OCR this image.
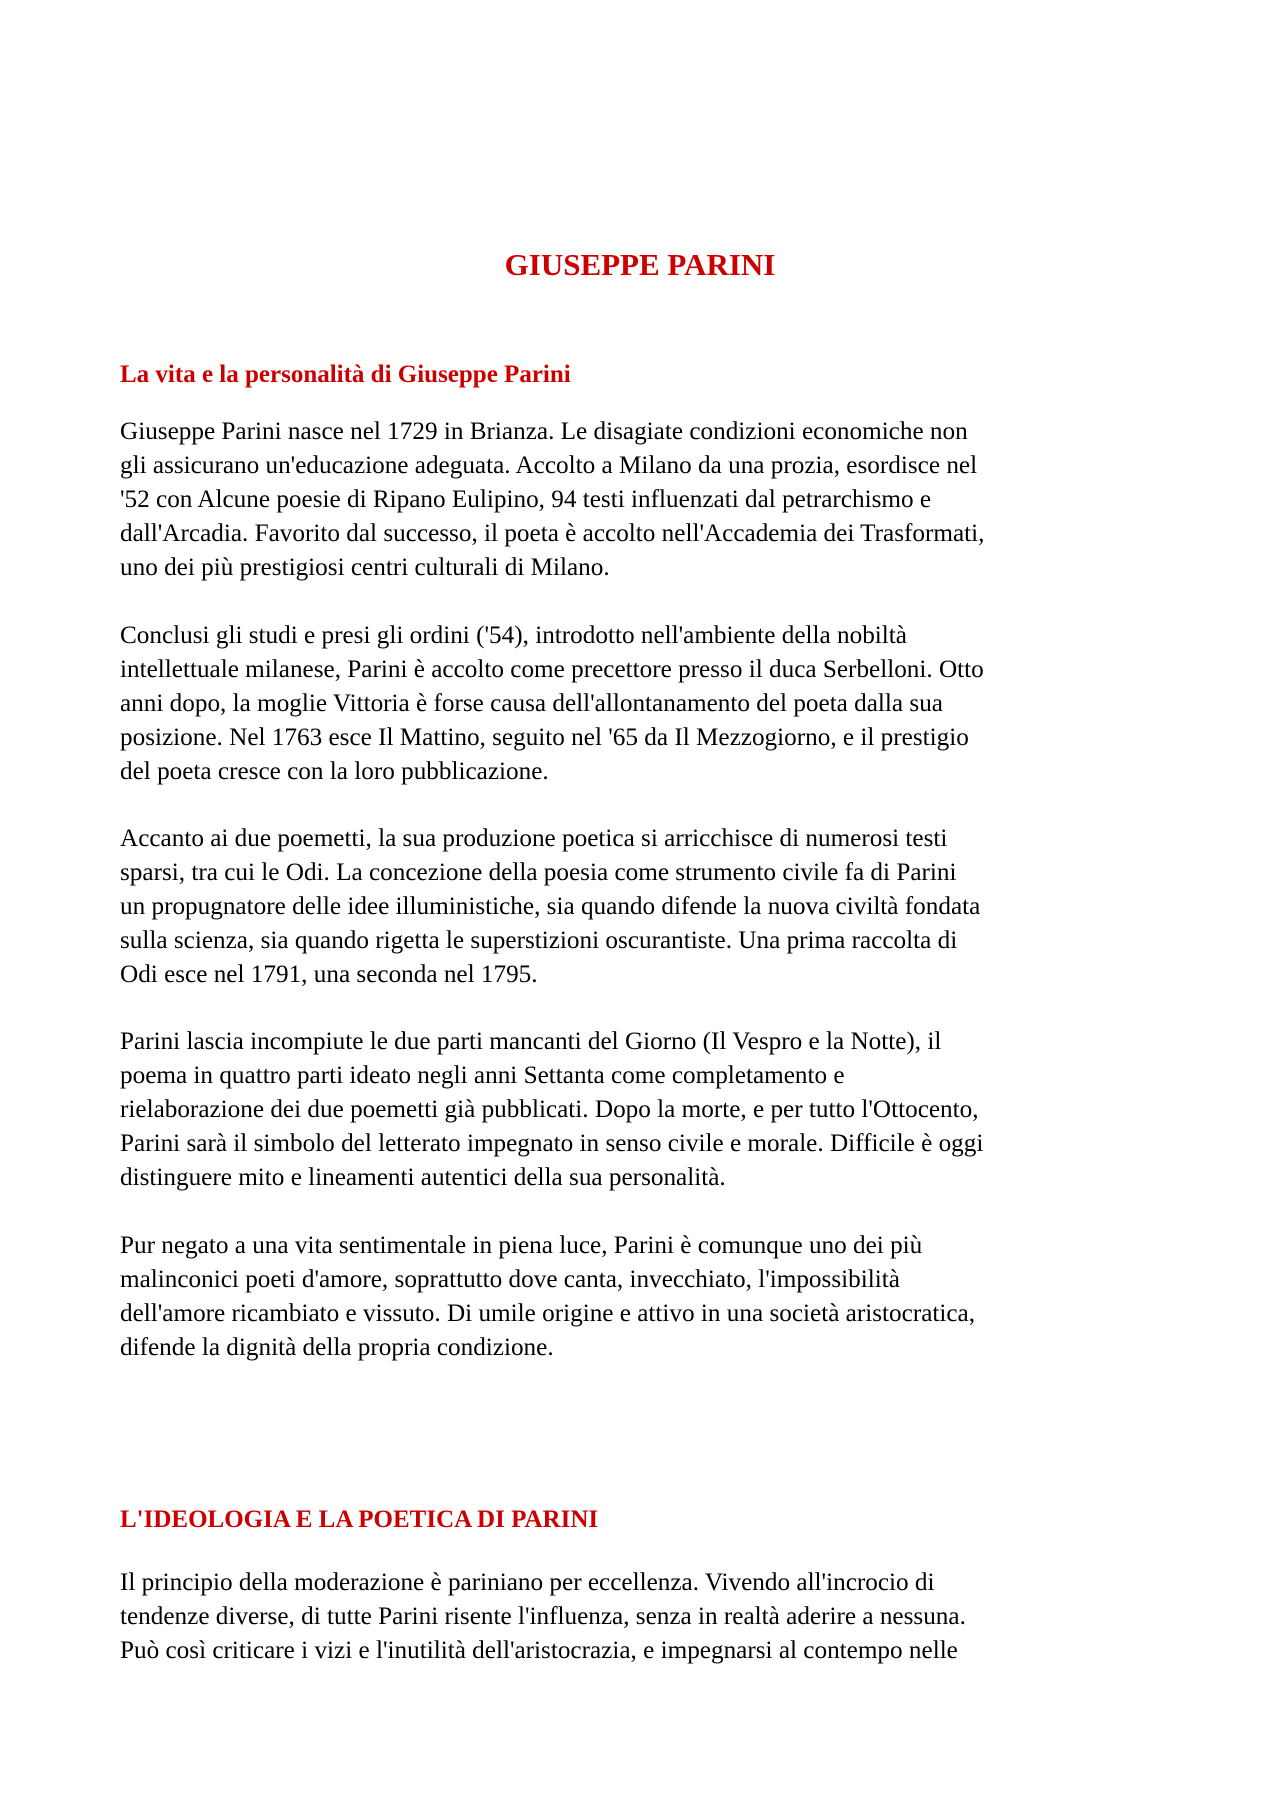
GIUSEPPE PARINI
La vita e la personalità di Giuseppe Parini

Giuseppe Parini nasce nel 1729 in Brianza. Le disagiate condizioni economiche non
gli assicurano un'educazione adeguata. Accolto a Milano da una prozia, esordisce nel
'52 con Alcune poesie di Ripano Eulipino, 94 testi influenzati dal petrarchismo e
dall'Arcadia. Favorito dal successo, il poeta è accolto nell'Accademia dei Trasformati,
uno dei più prestigiosi centri culturali di Milano.

Conclusi gli studi e presi gli ordini ('54), introdotto nell'ambiente della nobiltà
intellettuale milanese, Parini è accolto come precettore presso il duca Serbelloni. Otto
anni dopo, la moglie Vittoria è forse causa dell'allontanamento del poeta dalla sua
posizione. Nel 1763 esce Il Mattino, seguito nel '65 da Il Mezzogiorno, e il prestigio
del poeta cresce con la loro pubblicazione.

Accanto ai due poemetti, la sua produzione poetica si arricchisce di numerosi testi
sparsi, tra cui le Odi. La concezione della poesia come strumento civile fa di Parini
un propugnatore delle idee illuministiche, sia quando difende la nuova civiltà fondata
sulla scienza, sia quando rigetta le superstizioni oscurantiste. Una prima raccolta di
Odi esce nel 1791, una seconda nel 1795.

Parini lascia incompiute le due parti mancanti del Giorno (Il Vespro e la Notte), il
poema in quattro parti ideato negli anni Settanta come completamento e
rielaborazione dei due poemetti già pubblicati. Dopo la morte, e per tutto l'Ottocento,
Parini sarà il simbolo del letterato impegnato in senso civile e morale. Difficile è oggi
distinguere mito e lineamenti autentici della sua personalità.

Pur negato a una vita sentimentale in piena luce, Parini è comunque uno dei più
malinconici poeti d'amore, soprattutto dove canta, invecchiato, l'impossibilità
dell'amore ricambiato e vissuto. Di umile origine e attivo in una società aristocratica,
difende la dignità della propria condizione.

L'IDEOLOGIA E LA POETICA DI PARINI

Il principio della moderazione è pariniano per eccellenza. Vivendo all'incrocio di
tendenze diverse, di tutte Parini risente l'influenza, senza in realtà aderire a nessuna.
Può così criticare i vizi e l'inutilità dell'aristocrazia, e impegnarsi al contempo nelle
